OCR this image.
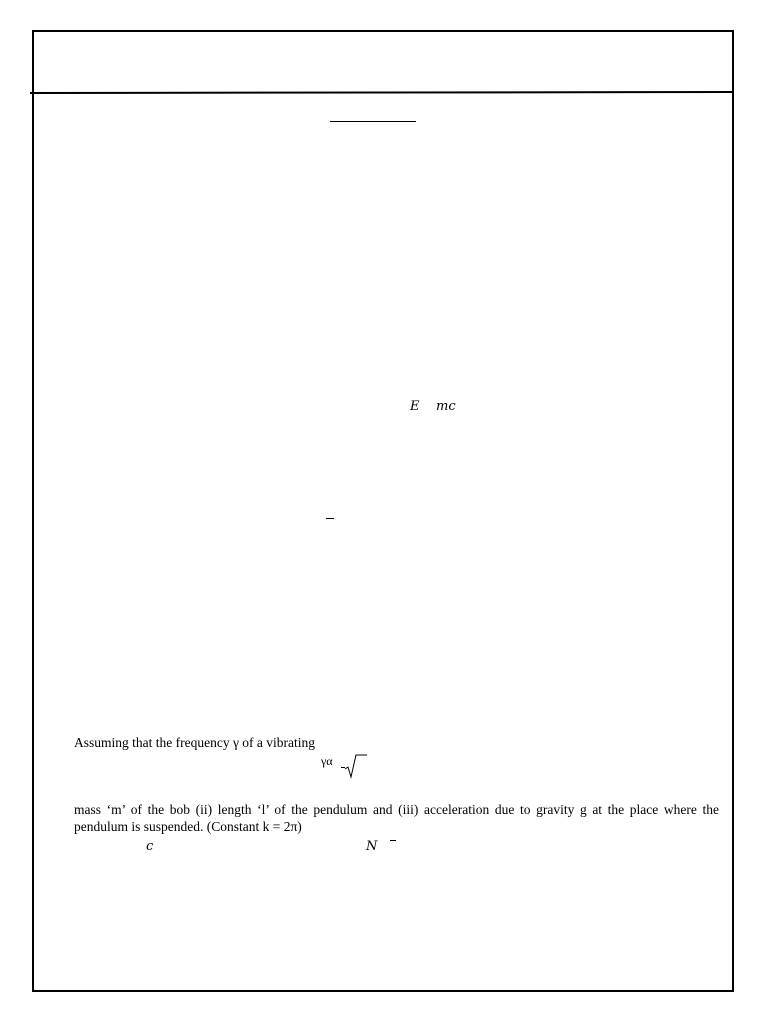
E mc
Assuming that the frequency γ of a vibrating
γα
mass ‘m’ of the bob (ii) length ‘l’ of the pendulum and (iii) acceleration due to gravity g at the place where the pendulum is suspended. (Constant k = 2π)
c	N
